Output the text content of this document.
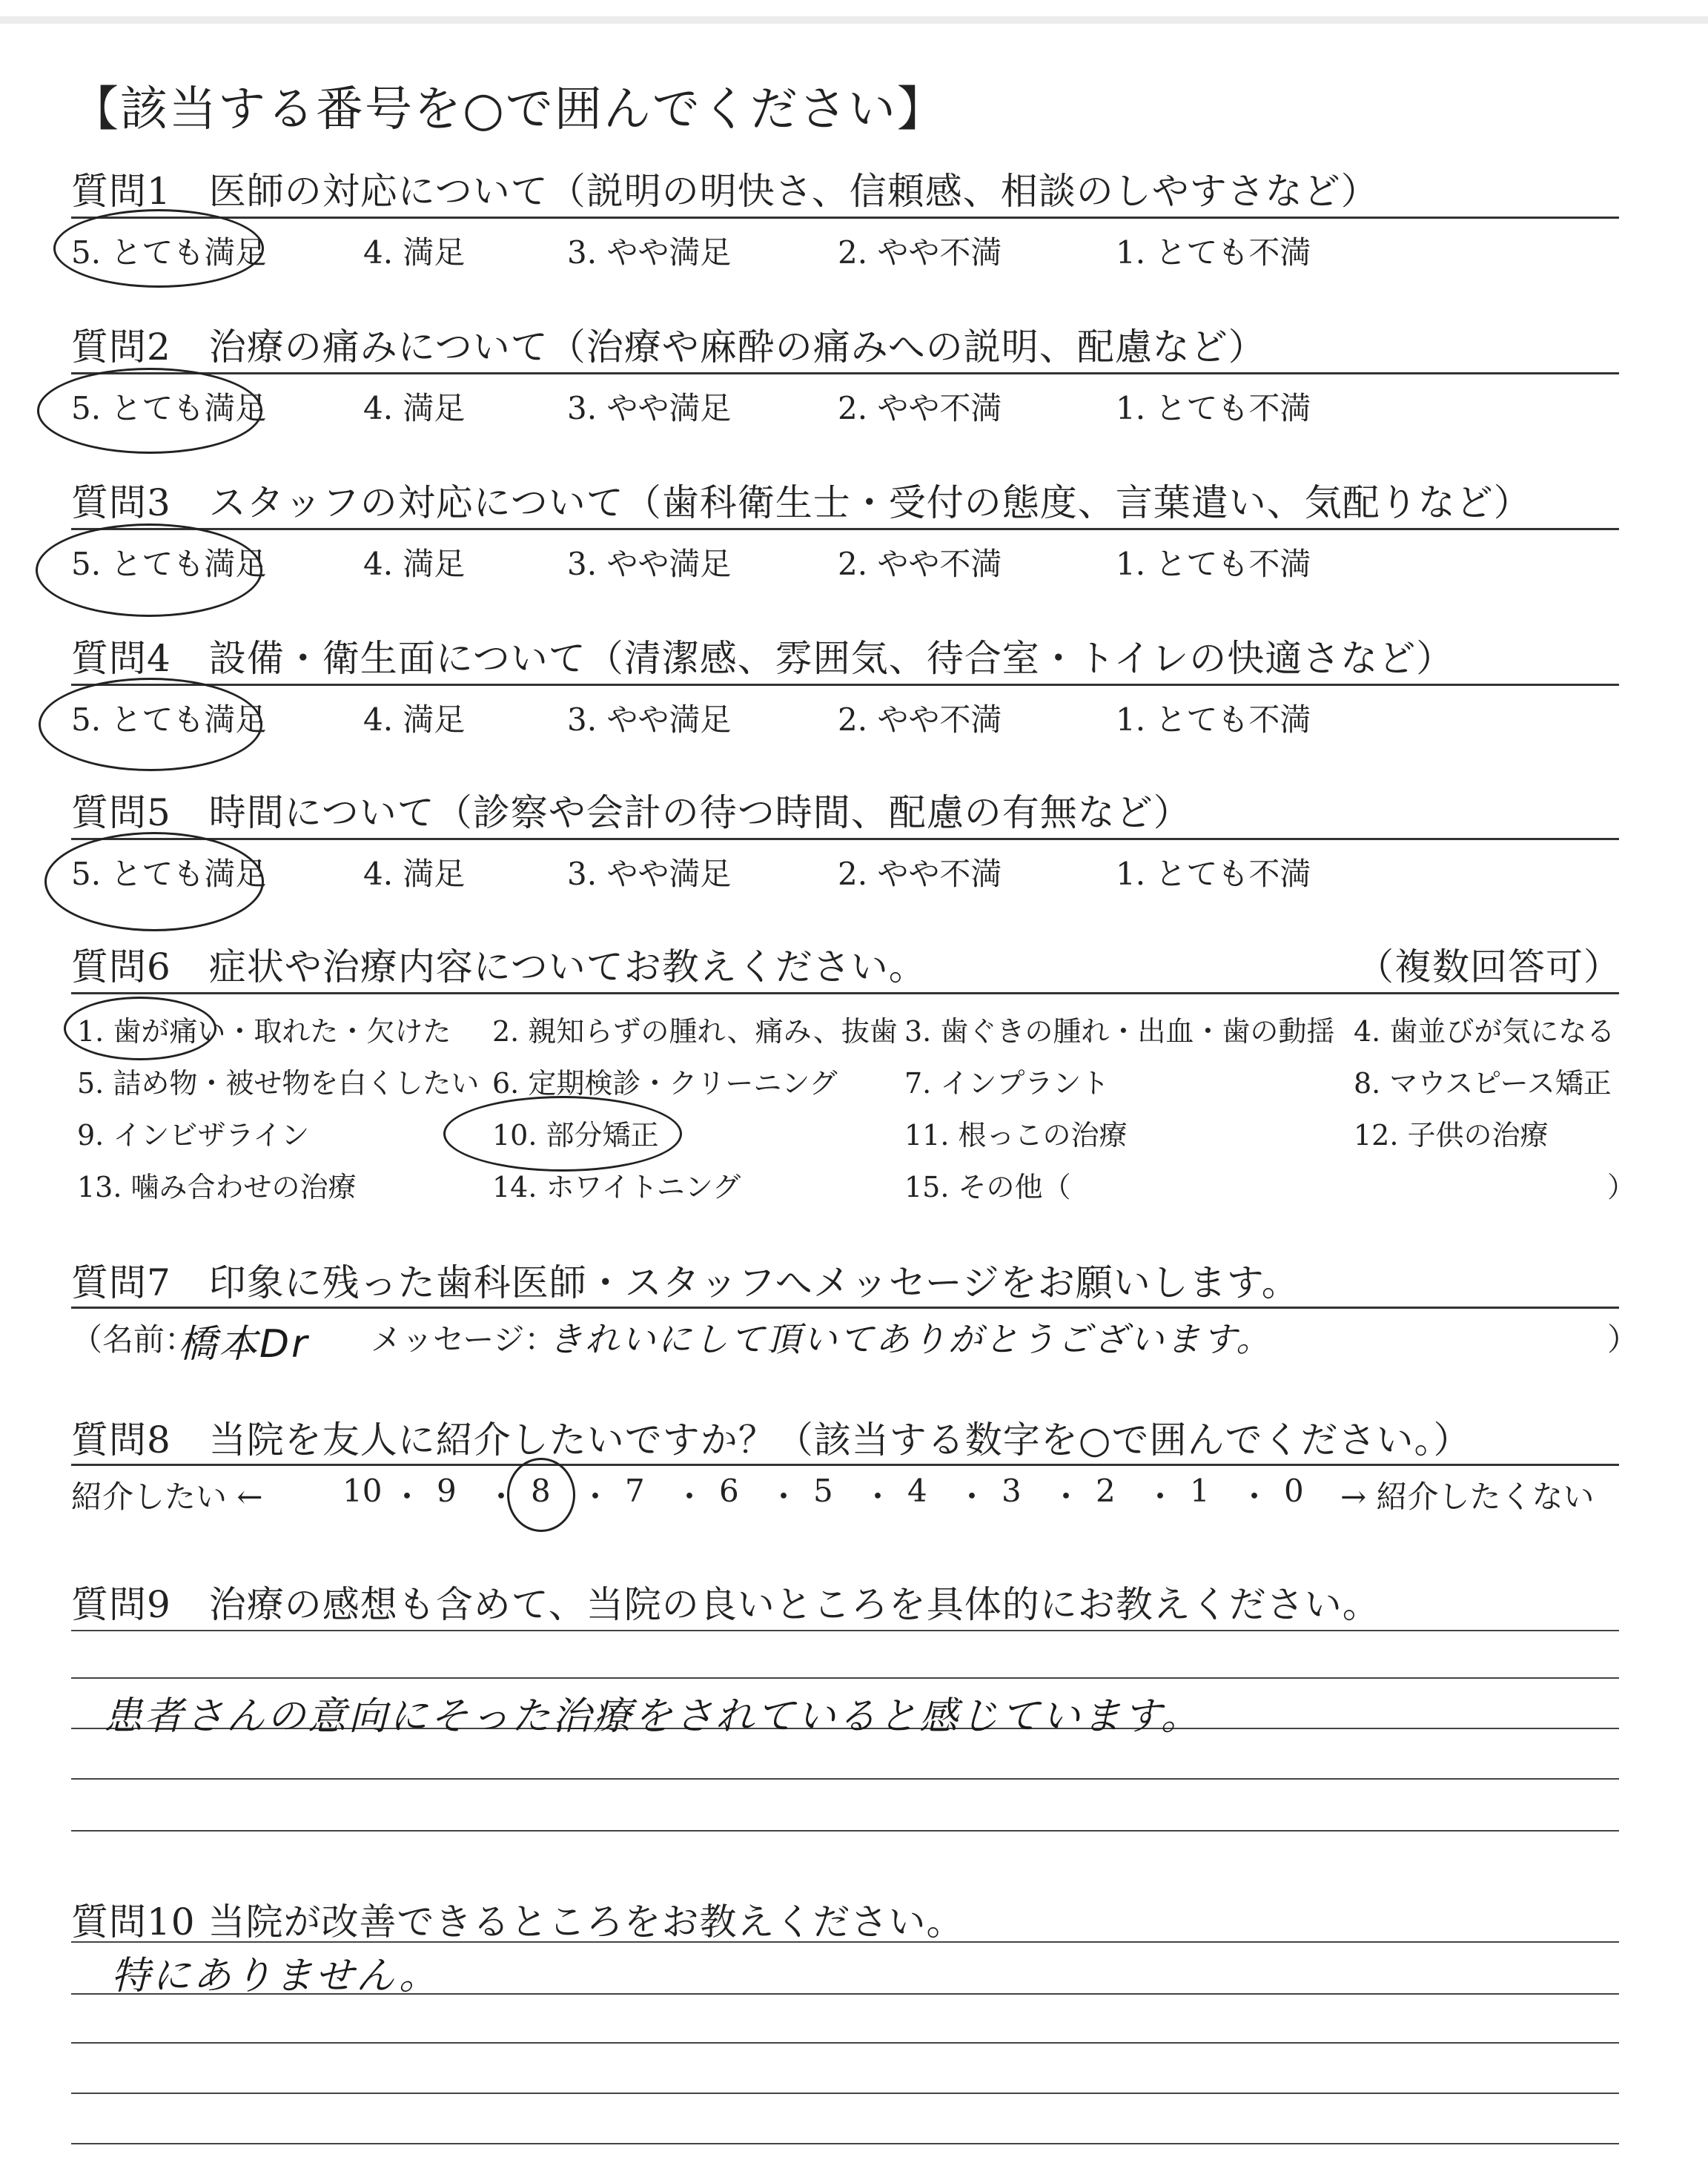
【該当する番号を○で囲んでください】
質問1　医師の対応について（説明の明快さ、信頼感、相談のしやすさなど）
5. とても満足	4. 満足	3. やや満足	2. やや不満	1. とても不満
質問2　治療の痛みについて（治療や麻酔の痛みへの説明、配慮など）
5. とても満足	4. 満足	3. やや満足	2. やや不満	1. とても不満
質問3　スタッフの対応について（歯科衛生士・受付の態度、言葉遣い、気配りなど）
5. とても満足	4. 満足	3. やや満足	2. やや不満	1. とても不満
質問4　設備・衛生面について（清潔感、雰囲気、待合室・トイレの快適さなど）
5. とても満足	4. 満足	3. やや満足	2. やや不満	1. とても不満
質問5　時間について（診察や会計の待つ時間、配慮の有無など）
5. とても満足	4. 満足	3. やや満足	2. やや不満	1. とても不満
質問6　症状や治療内容についてお教えください。	（複数回答可）
1. 歯が痛い・取れた・欠けた 2. 親知らずの腫れ、痛み、抜歯 3. 歯ぐきの腫れ・出血・歯の動揺 4. 歯並びが気になる
5. 詰め物・被せ物を白くしたい 6. 定期検診・クリーニング 7. インプラント	8. マウスピース矯正
9. インビザライン	10. 部分矯正	11. 根っこの治療	12. 子供の治療
13. 噛み合わせの治療	14. ホワイトニング	15. その他（	）
質問7　印象に残った歯科医師・スタッフへメッセージをお願いします。
（名前：
橋本Dr メッセージ：
きれいにして頂いてありがとうございます。	）
質問8　当院を友人に紹介したいですか？（該当する数字を○で囲んでください。）
紹介したい ←	10 ・ 9 ・ 8 ・ 7 ・ 6 ・ 5 ・ 4 ・ 3 ・ 2 ・ 1 ・ 0 → 紹介したくない
質問9　治療の感想も含めて、当院の良いところを具体的にお教えください。
患者さんの意向にそった治療をされていると感じています。
質問10 当院が改善できるところをお教えください。
特にありません。
